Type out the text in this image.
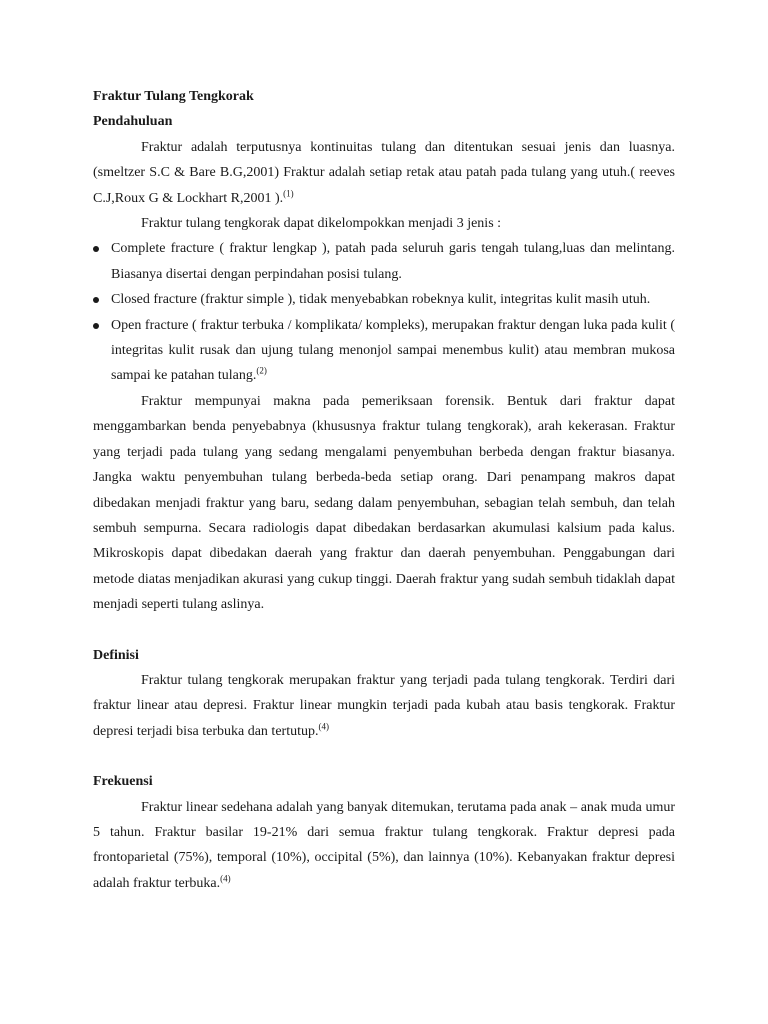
Fraktur Tulang Tengkorak

Pendahuluan

Fraktur adalah terputusnya kontinuitas tulang dan ditentukan sesuai jenis dan luasnya. (smeltzer S.C & Bare B.G,2001) Fraktur adalah setiap retak atau patah pada tulang yang utuh.( reeves C.J,Roux G & Lockhart R,2001 ).$^{(1)}$

Fraktur tulang tengkorak dapat dikelompokkan menjadi 3 jenis :

Complete fracture ( fraktur lengkap ), patah pada seluruh garis tengah tulang,luas dan melintang. Biasanya disertai dengan perpindahan posisi tulang.
Closed fracture (fraktur simple ), tidak menyebabkan robeknya kulit, integritas kulit masih utuh.
Open fracture ( fraktur terbuka / komplikata/ kompleks), merupakan fraktur dengan luka pada kulit ( integritas kulit rusak dan ujung tulang menonjol sampai menembus kulit) atau membran mukosa sampai ke patahan tulang.$^{(2)}$

Fraktur mempunyai makna pada pemeriksaan forensik. Bentuk dari fraktur dapat menggambarkan benda penyebabnya (khususnya fraktur tulang tengkorak), arah kekerasan. Fraktur yang terjadi pada tulang yang sedang mengalami penyembuhan berbeda dengan fraktur biasanya. Jangka waktu penyembuhan tulang berbeda-beda setiap orang. Dari penampang makros dapat dibedakan menjadi fraktur yang baru, sedang dalam penyembuhan, sebagian telah sembuh, dan telah sembuh sempurna. Secara radiologis dapat dibedakan berdasarkan akumulasi kalsium pada kalus. Mikroskopis dapat dibedakan daerah yang fraktur dan daerah penyembuhan. Penggabungan dari metode diatas menjadikan akurasi yang cukup tinggi. Daerah fraktur yang sudah sembuh tidaklah dapat menjadi seperti tulang aslinya.

Definisi

Fraktur tulang tengkorak merupakan fraktur yang terjadi pada tulang tengkorak. Terdiri dari fraktur linear atau depresi. Fraktur linear mungkin terjadi pada kubah atau basis tengkorak. Fraktur depresi terjadi bisa terbuka dan tertutup.$^{(4)}$

Frekuensi

Fraktur linear sedehana adalah yang banyak ditemukan, terutama pada anak – anak muda umur 5 tahun. Fraktur basilar 19-21% dari semua fraktur tulang tengkorak. Fraktur depresi pada frontoparietal (75%), temporal (10%), occipital (5%), dan lainnya (10%). Kebanyakan fraktur depresi adalah fraktur terbuka.$^{(4)}$
